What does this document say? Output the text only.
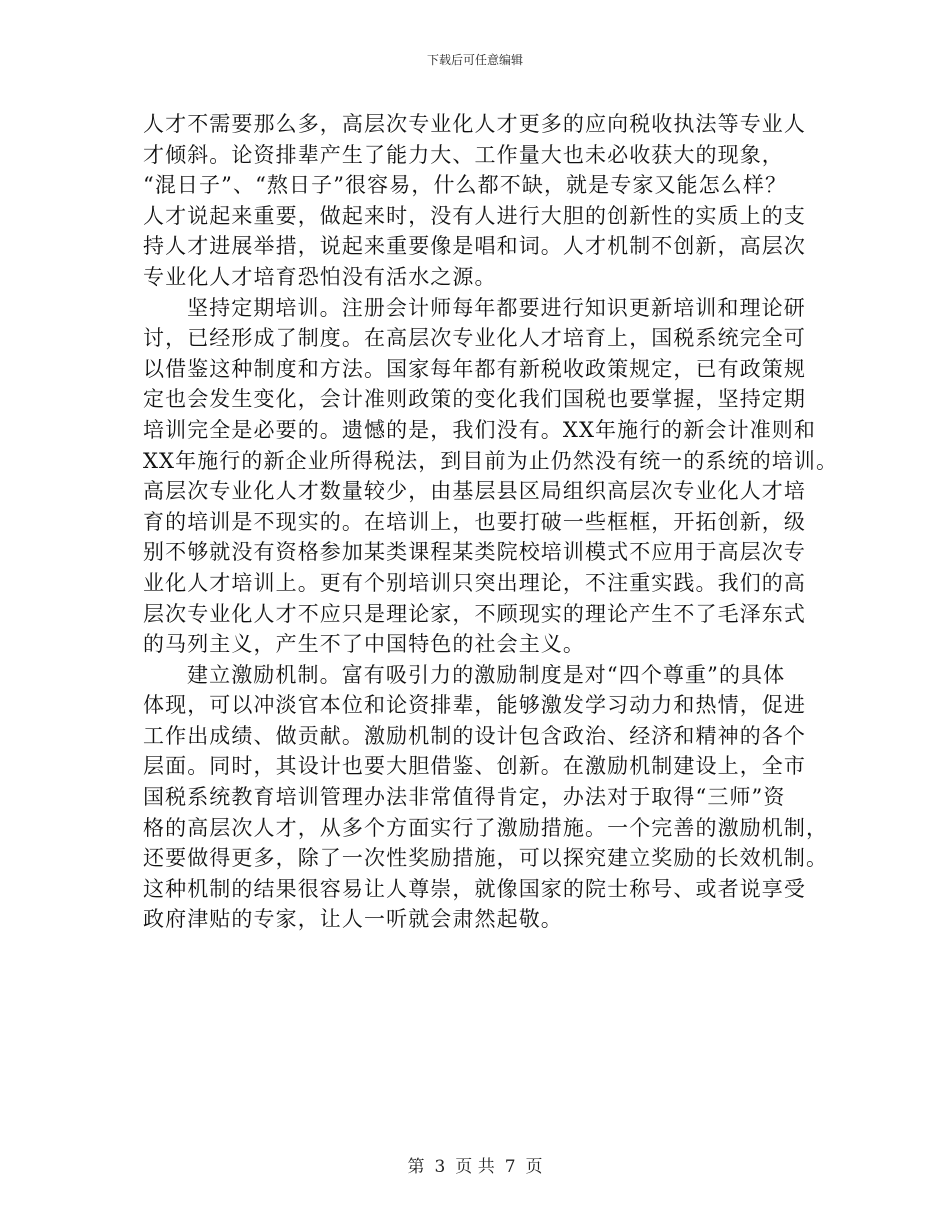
下载后可任意编辑
人才不需要那么多，高层次专业化人才更多的应向税收执法等专业人
才倾斜。论资排辈产生了能力大、工作量大也未必收获大的现象，
“混日子”、“熬日子”很容易，什么都不缺，就是专家又能怎么样？
人才说起来重要，做起来时，没有人进行大胆的创新性的实质上的支
持人才进展举措，说起来重要像是唱和词。人才机制不创新，高层次
专业化人才培育恐怕没有活水之源。
坚持定期培训。注册会计师每年都要进行知识更新培训和理论研
讨，已经形成了制度。在高层次专业化人才培育上，国税系统完全可
以借鉴这种制度和方法。国家每年都有新税收政策规定，已有政策规
定也会发生变化，会计准则政策的变化我们国税也要掌握，坚持定期
培训完全是必要的。遗憾的是，我们没有。XX年施行的新会计准则和
XX年施行的新企业所得税法，到目前为止仍然没有统一的系统的培训。
高层次专业化人才数量较少，由基层县区局组织高层次专业化人才培
育的培训是不现实的。在培训上，也要打破一些框框，开拓创新，级
别不够就没有资格参加某类课程某类院校培训模式不应用于高层次专
业化人才培训上。更有个别培训只突出理论，不注重实践。我们的高
层次专业化人才不应只是理论家，不顾现实的理论产生不了毛泽东式
的马列主义，产生不了中国特色的社会主义。
建立激励机制。富有吸引力的激励制度是对“四个尊重”的具体
体现，可以冲淡官本位和论资排辈，能够激发学习动力和热情，促进
工作出成绩、做贡献。激励机制的设计包含政治、经济和精神的各个
层面。同时，其设计也要大胆借鉴、创新。在激励机制建设上，全市
国税系统教育培训管理办法非常值得肯定，办法对于取得“三师”资
格的高层次人才，从多个方面实行了激励措施。一个完善的激励机制，
还要做得更多，除了一次性奖励措施，可以探究建立奖励的长效机制。
这种机制的结果很容易让人尊崇，就像国家的院士称号、或者说享受
政府津贴的专家，让人一听就会肃然起敬。
第 3 页 共 7 页
